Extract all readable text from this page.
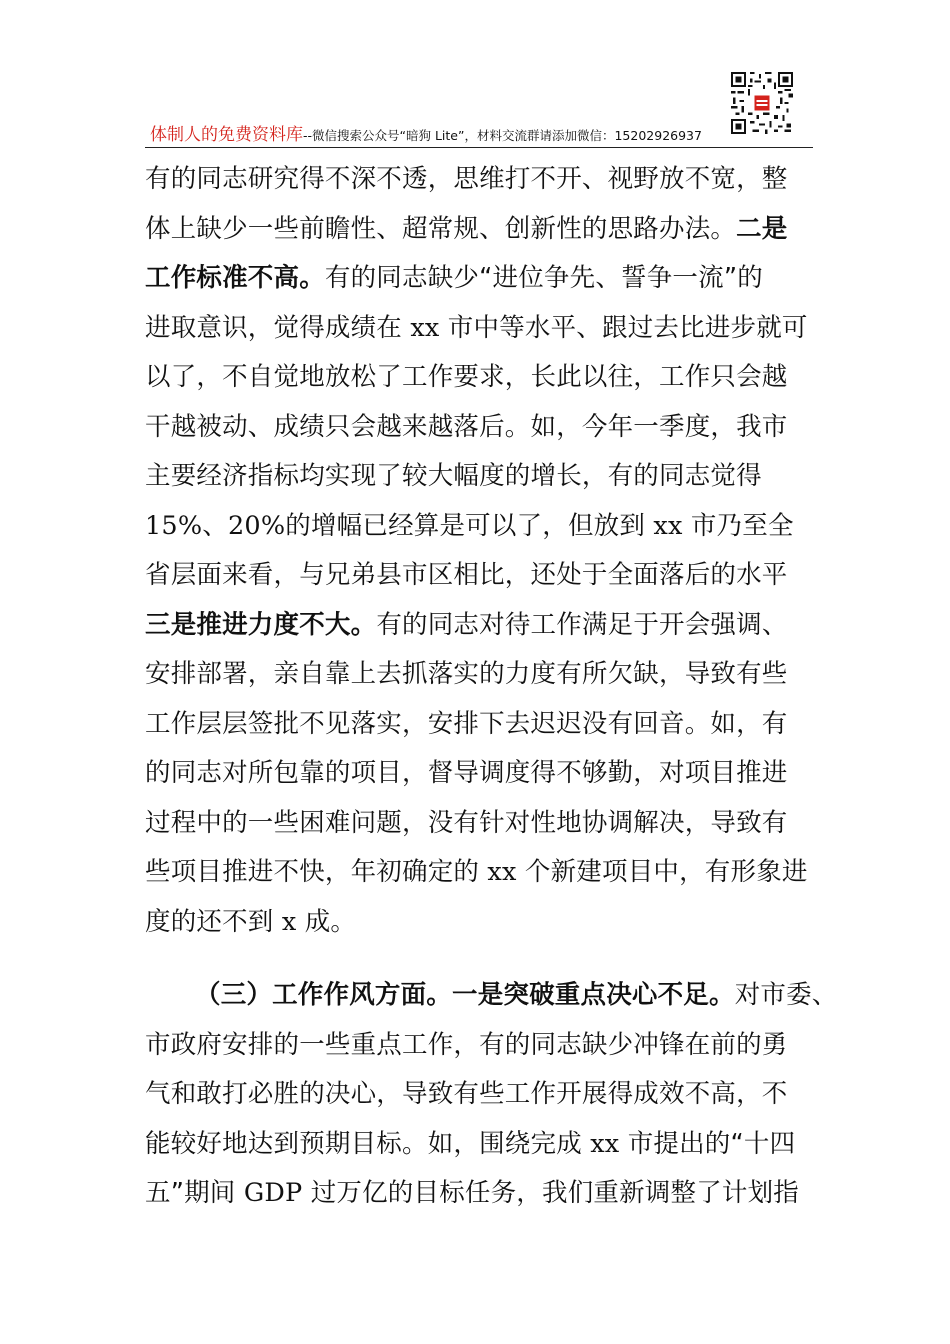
体制人的免费资料库--微信搜索公众号“暗狗 Lite”，材料交流群请添加微信：15202926937
有的同志研究得不深不透，思维打不开、视野放不宽，整
体上缺少一些前瞻性、超常规、创新性的思路办法。二是
工作标准不高。有的同志缺少“进位争先、誓争一流”的
进取意识，觉得成绩在 xx 市中等水平、跟过去比进步就可
以了，不自觉地放松了工作要求，长此以往，工作只会越
干越被动、成绩只会越来越落后。如，今年一季度，我市
主要经济指标均实现了较大幅度的增长，有的同志觉得
15%、20%的增幅已经算是可以了，但放到 xx 市乃至全
省层面来看，与兄弟县市区相比，还处于全面落后的水平
三是推进力度不大。有的同志对待工作满足于开会强调、
安排部署，亲自靠上去抓落实的力度有所欠缺，导致有些
工作层层签批不见落实，安排下去迟迟没有回音。如，有
的同志对所包靠的项目，督导调度得不够勤，对项目推进
过程中的一些困难问题，没有针对性地协调解决，导致有
些项目推进不快，年初确定的 xx 个新建项目中，有形象进
度的还不到 x 成。
（三）工作作风方面。一是突破重点决心不足。对市委、
市政府安排的一些重点工作，有的同志缺少冲锋在前的勇
气和敢打必胜的决心，导致有些工作开展得成效不高，不
能较好地达到预期目标。如，围绕完成 xx 市提出的“十四
五”期间 GDP 过万亿的目标任务，我们重新调整了计划指
